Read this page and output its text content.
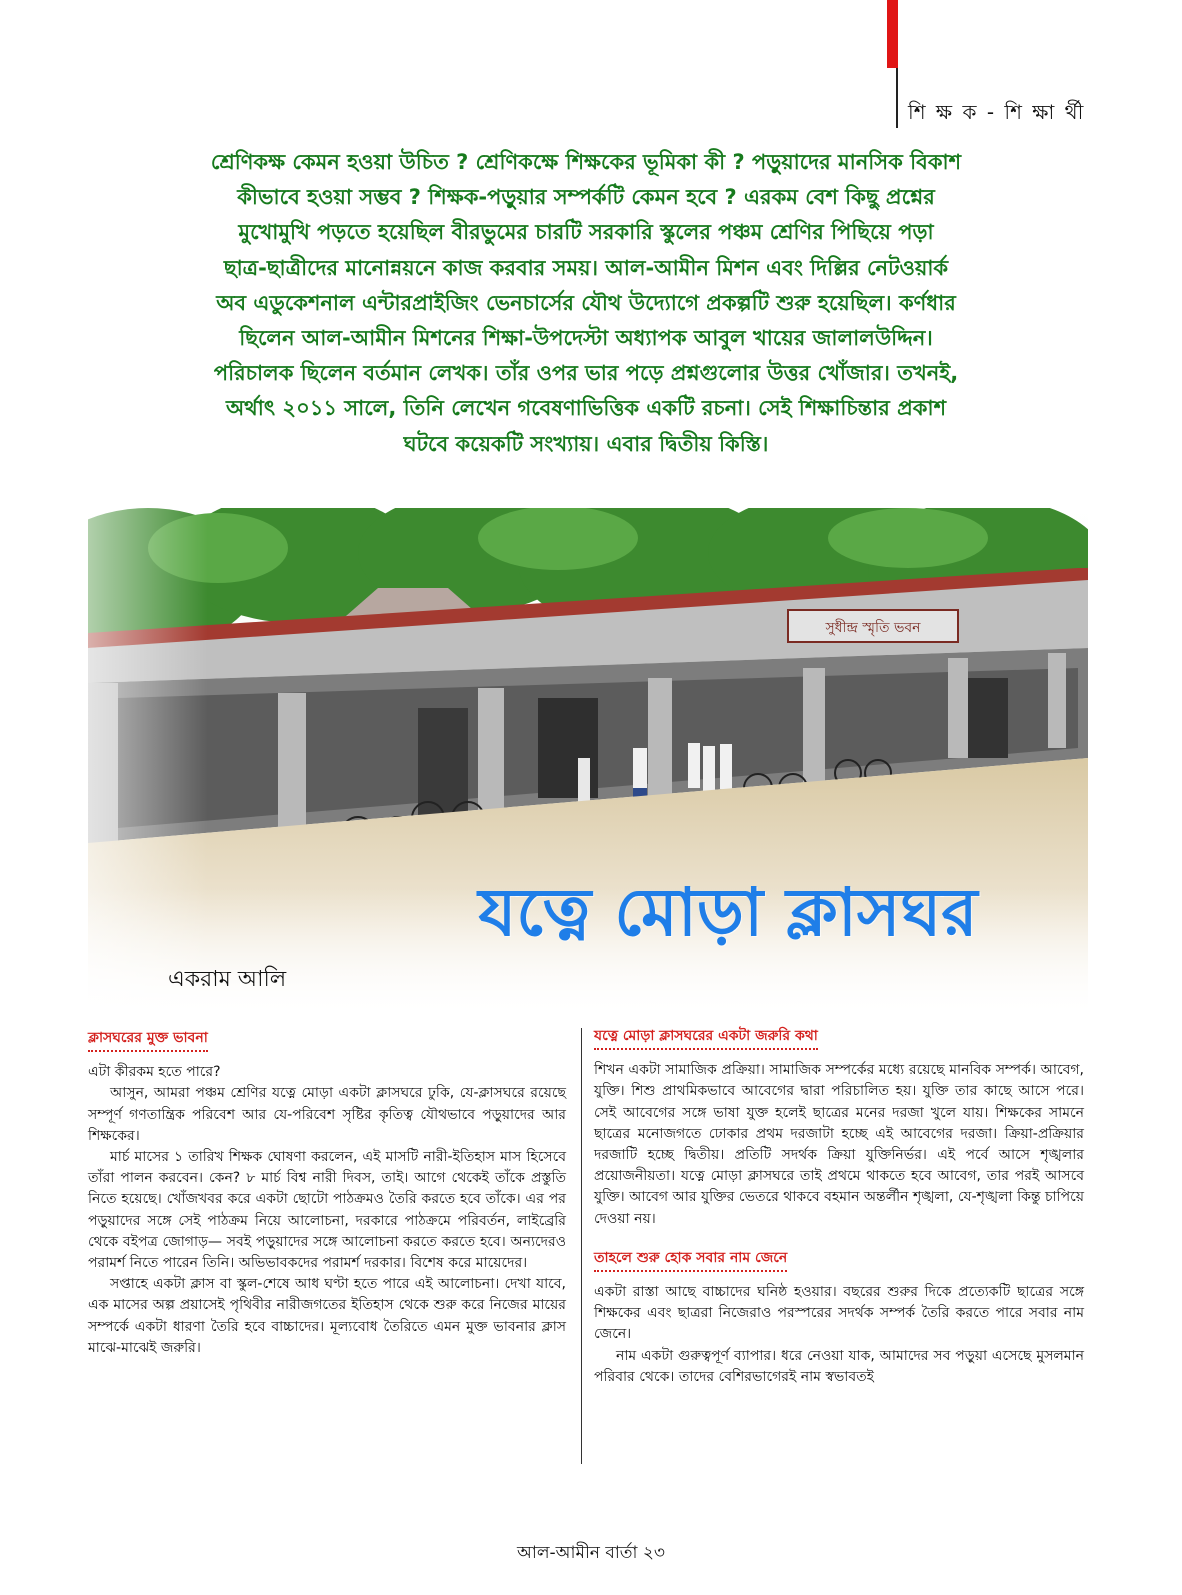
শি ক্ষ ক - শি ক্ষা র্থী
শ্রেণিকক্ষ কেমন হওয়া উচিত ? শ্রেণিকক্ষে শিক্ষকের ভূমিকা কী ? পড়ুয়াদের মানসিক বিকাশ
কীভাবে হওয়া সম্ভব ? শিক্ষক-পড়ুয়ার সম্পর্কটি কেমন হবে ? এরকম বেশ কিছু প্রশ্নের
মুখোমুখি পড়তে হয়েছিল বীরভুমের চারটি সরকারি স্কুলের পঞ্চম শ্রেণির পিছিয়ে পড়া
ছাত্র-ছাত্রীদের মানোন্নয়নে কাজ করবার সময়। আল-আমীন মিশন এবং দিল্লির নেটওয়ার্ক
অব এডুকেশনাল এন্টারপ্রাইজিং ভেনচার্সের যৌথ উদ্যোগে প্রকল্পটি শুরু হয়েছিল। কর্ণধার
ছিলেন আল-আমীন মিশনের শিক্ষা-উপদেস্টা অধ্যাপক আবুল খায়ের জালালউদ্দিন।
পরিচালক ছিলেন বর্তমান লেখক। তাঁর ওপর ভার পড়ে প্রশ্নগুলোর উত্তর খোঁজার। তখনই,
অর্থাৎ ২০১১ সালে, তিনি লেখেন গবেষণাভিত্তিক একটি রচনা। সেই শিক্ষাচিন্তার প্রকাশ
ঘটবে কয়েকটি সংখ্যায়। এবার দ্বিতীয় কিস্তি।
সুধীন্দ্র স্মৃতি ভবন
যত্নে মোড়া ক্লাসঘর
একরাম আলি
ক্লাসঘরের মুক্ত ভাবনা

এটা কীরকম হতে পারে?

আসুন, আমরা পঞ্চম শ্রেণির যত্নে মোড়া একটা ক্লাসঘরে ঢুকি, যে-ক্লাসঘরে রয়েছে সম্পূর্ণ গণতান্ত্রিক পরিবেশ আর যে-পরিবেশ সৃষ্টির কৃতিত্ব যৌথভাবে পড়ুয়াদের আর শিক্ষকের।

মার্চ মাসের ১ তারিখ শিক্ষক ঘোষণা করলেন, এই মাসটি নারী-ইতিহাস মাস হিসেবে তাঁরা পালন করবেন। কেন? ৮ মার্চ বিশ্ব নারী দিবস, তাই। আগে থেকেই তাঁকে প্রস্তুতি নিতে হয়েছে। খোঁজখবর করে একটা ছোটো পাঠক্রমও তৈরি করতে হবে তাঁকে। এর পর পড়ুয়াদের সঙ্গে সেই পাঠক্রম নিয়ে আলোচনা, দরকারে পাঠক্রমে পরিবর্তন, লাইব্রেরি থেকে বইপত্র জোগাড়— সবই পড়ুয়াদের সঙ্গে আলোচনা করতে করতে হবে। অন্যদেরও পরামর্শ নিতে পারেন তিনি। অভিভাবকদের পরামর্শ দরকার। বিশেষ করে মায়েদের।

সপ্তাহে একটা ক্লাস বা স্কুল-শেষে আধ ঘণ্টা হতে পারে এই আলোচনা। দেখা যাবে, এক মাসের অল্প প্রয়াসেই পৃথিবীর নারীজগতের ইতিহাস থেকে শুরু করে নিজের মায়ের সম্পর্কে একটা ধারণা তৈরি হবে বাচ্চাদের। মূল্যবোধ তৈরিতে এমন মুক্ত ভাবনার ক্লাস মাঝে-মাঝেই জরুরি।

যত্নে মোড়া ক্লাসঘরের একটা জরুরি কথা

শিখন একটা সামাজিক প্রক্রিয়া। সামাজিক সম্পর্কের মধ্যে রয়েছে মানবিক সম্পর্ক। আবেগ, যুক্তি। শিশু প্রাথমিকভাবে আবেগের দ্বারা পরিচালিত হয়। যুক্তি তার কাছে আসে পরে। সেই আবেগের সঙ্গে ভাষা যুক্ত হলেই ছাত্রের মনের দরজা খুলে যায়। শিক্ষকের সামনে ছাত্রের মনোজগতে ঢোকার প্রথম দরজাটা হচ্ছে এই আবেগের দরজা। ক্রিয়া-প্রক্রিয়ার দরজাটি হচ্ছে দ্বিতীয়। প্রতিটি সদর্থক ক্রিয়া যুক্তিনির্ভর। এই পর্বে আসে শৃঙ্খলার প্রয়োজনীয়তা। যত্নে মোড়া ক্লাসঘরে তাই প্রথমে থাকতে হবে আবেগ, তার পরই আসবে যুক্তি। আবেগ আর যুক্তির ভেতরে থাকবে বহমান অন্তর্লীন শৃঙ্খলা, যে-শৃঙ্খলা কিন্তু চাপিয়ে দেওয়া নয়।

তাহলে শুরু হোক সবার নাম জেনে

একটা রাস্তা আছে বাচ্চাদের ঘনিষ্ঠ হওয়ার। বছরের শুরুর দিকে প্রত্যেকটি ছাত্রের সঙ্গে শিক্ষকের এবং ছাত্ররা নিজেরাও পরস্পরের সদর্থক সম্পর্ক তৈরি করতে পারে সবার নাম জেনে।

নাম একটা গুরুত্বপূর্ণ ব্যাপার। ধরে নেওয়া যাক, আমাদের সব পড়ুয়া এসেছে মুসলমান পরিবার থেকে। তাদের বেশিরভাগেরই নাম স্বভাবতই

আল-আমীন বার্তা ২৩
